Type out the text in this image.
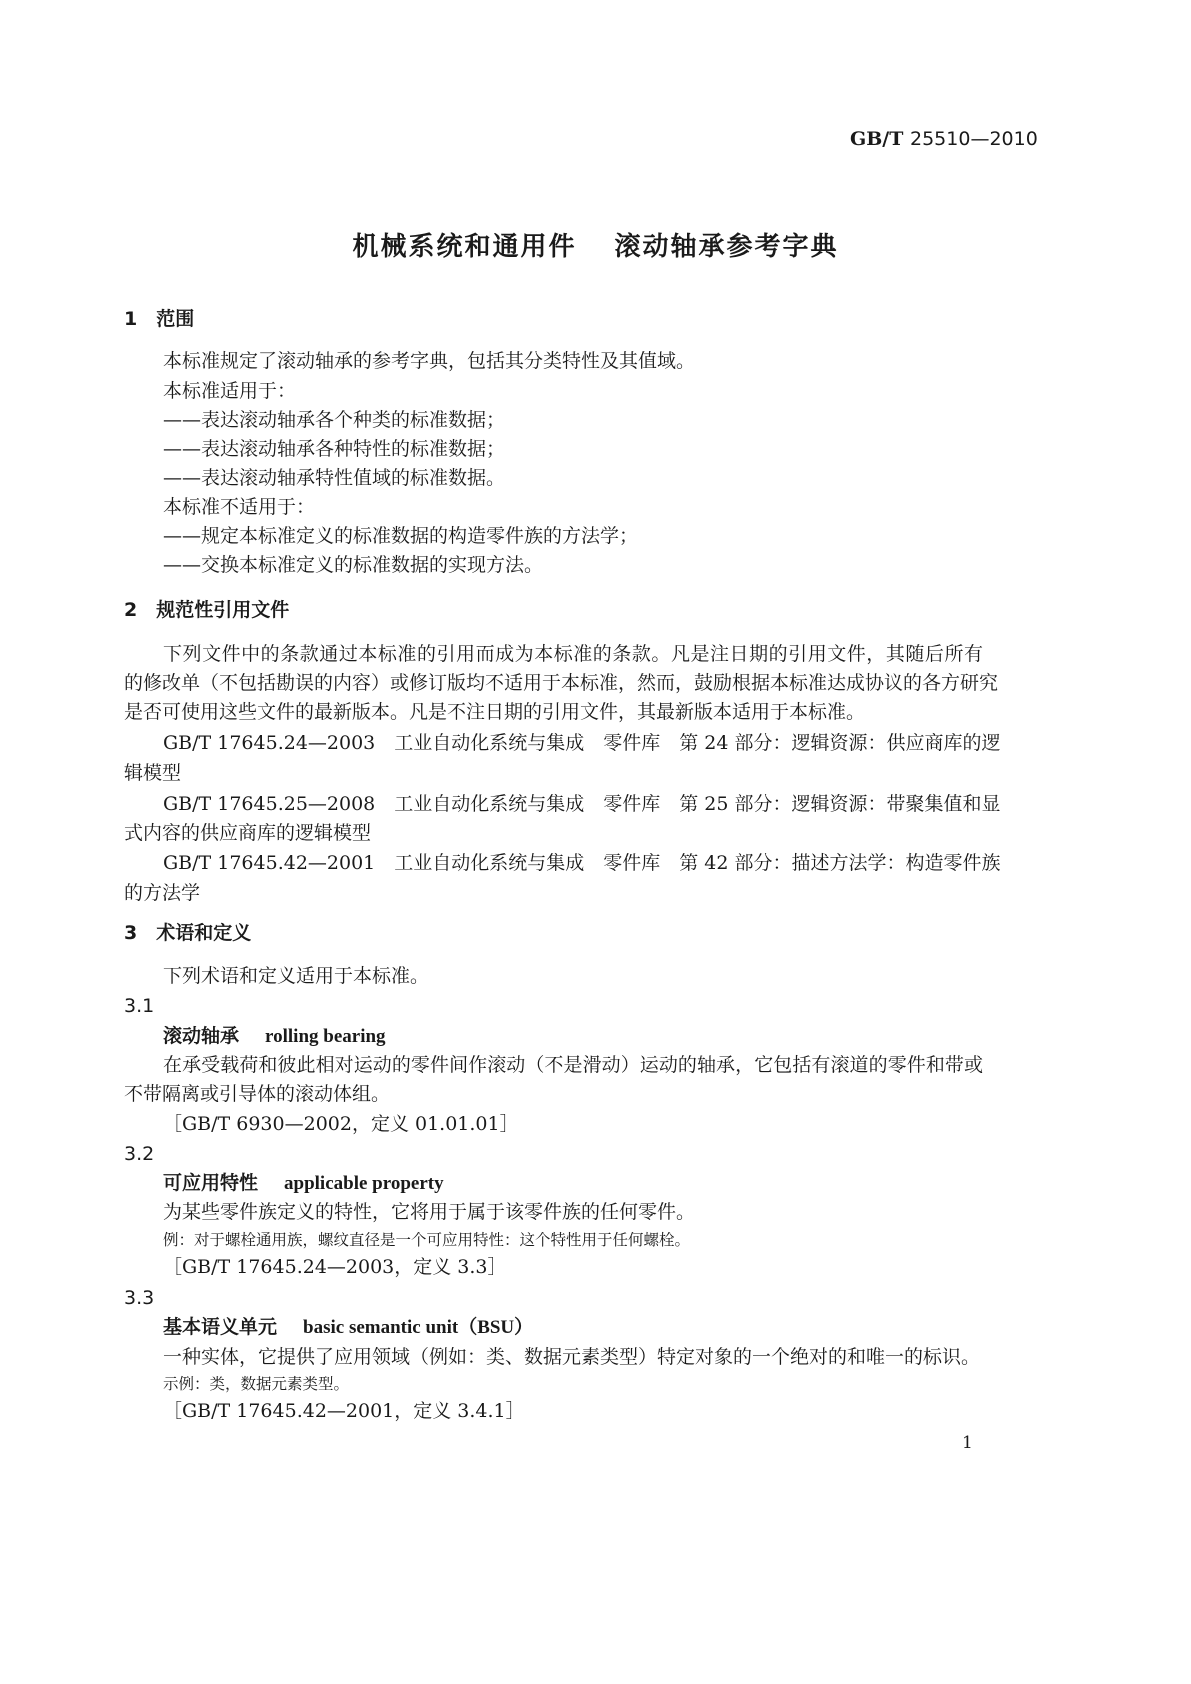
GB/T 25510—2010
机械系统和通用件 滚动轴承参考字典
1　范围
本标准规定了滚动轴承的参考字典，包括其分类特性及其值域。
本标准适用于：
——表达滚动轴承各个种类的标准数据；
——表达滚动轴承各种特性的标准数据；
——表达滚动轴承特性值域的标准数据。
本标准不适用于：
——规定本标准定义的标准数据的构造零件族的方法学；
——交换本标准定义的标准数据的实现方法。
2　规范性引用文件
下列文件中的条款通过本标准的引用而成为本标准的条款。凡是注日期的引用文件，其随后所有
的修改单（不包括勘误的内容）或修订版均不适用于本标准，然而，鼓励根据本标准达成协议的各方研究
是否可使用这些文件的最新版本。凡是不注日期的引用文件，其最新版本适用于本标准。
GB/T 17645.24—2003　工业自动化系统与集成　零件库　第 24 部分：逻辑资源：供应商库的逻
辑模型
GB/T 17645.25—2008　工业自动化系统与集成　零件库　第 25 部分：逻辑资源：带聚集值和显
式内容的供应商库的逻辑模型
GB/T 17645.42—2001　工业自动化系统与集成　零件库　第 42 部分：描述方法学：构造零件族
的方法学
3　术语和定义
下列术语和定义适用于本标准。
3.1
滚动轴承 rolling bearing
在承受载荷和彼此相对运动的零件间作滚动（不是滑动）运动的轴承，它包括有滚道的零件和带或
不带隔离或引导体的滚动体组。
［GB/T 6930—2002，定义 01.01.01］
3.2
可应用特性 applicable property
为某些零件族定义的特性，它将用于属于该零件族的任何零件。
例：对于螺栓通用族，螺纹直径是一个可应用特性：这个特性用于任何螺栓。
［GB/T 17645.24—2003，定义 3.3］
3.3
基本语义单元 basic semantic unit（BSU）
一种实体，它提供了应用领域（例如：类、数据元素类型）特定对象的一个绝对的和唯一的标识。
示例：类，数据元素类型。
［GB/T 17645.42—2001，定义 3.4.1］
1
